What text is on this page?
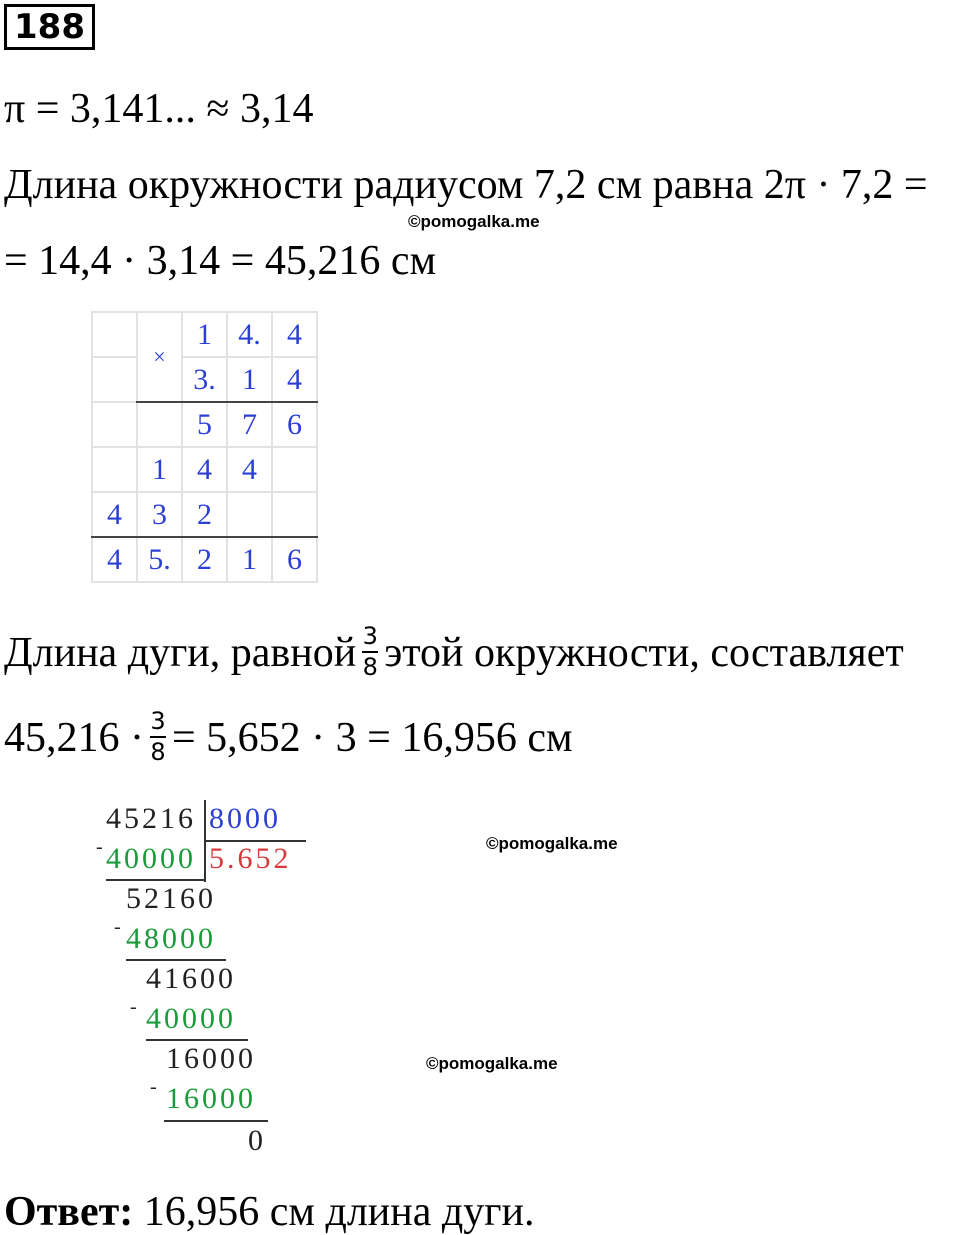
188
π = 3,141... ≈ 3,14
Длина окружности радиусом 7,2 см равна 2π · 7,2 =
©pomogalka.me
= 14,4 · 3,14 = 45,216 см
	×	1	4.	4
		3.	1	4
		5	7	6
	1	4	4	
4	3	2		
4	5.	2	1	6
Длина дуги, равной $\frac{3}{8}$ этой окружности, составляет
$45,216 \cdot \frac{3}{8} = 5,652 \cdot 3 = 16,956$ см
45216 8000
5.652
- 40000
52160
- 48000
41600
- 40000
16000
- 16000
0
©pomogalka.me
©pomogalka.me
Ответ: 16,956 см длина дуги.
